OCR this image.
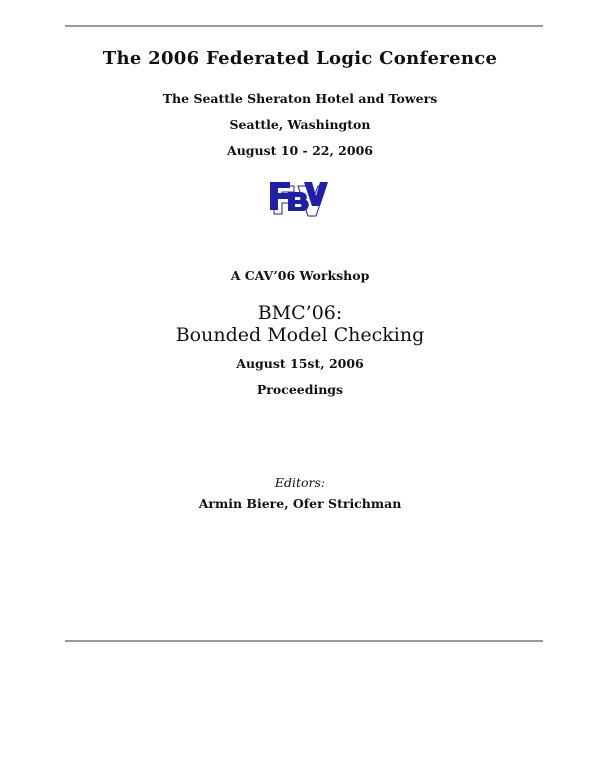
The 2006 Federated Logic Conference
The Seattle Sheraton Hotel and Towers
Seattle, Washington
August 10 - 22, 2006
A CAV’06 Workshop
BMC’06:
Bounded Model Checking
August 15st, 2006
Proceedings
Editors:
Armin Biere, Ofer Strichman
